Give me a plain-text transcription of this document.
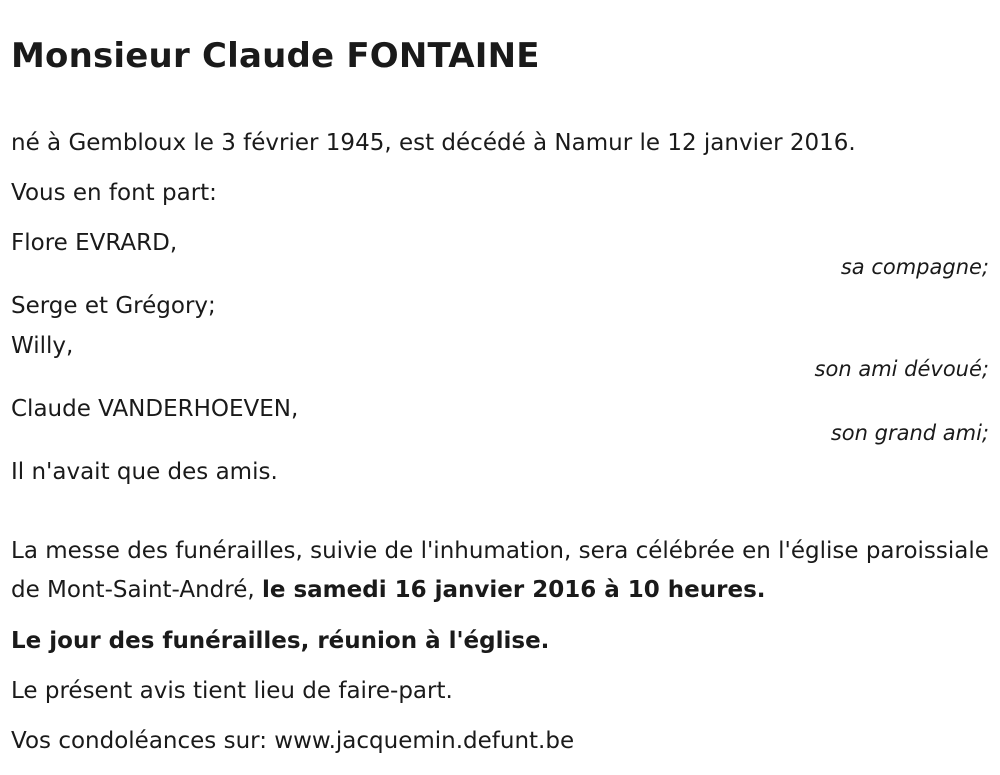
Monsieur Claude FONTAINE
né à Gembloux le 3 février 1945, est décédé à Namur le 12 janvier 2016.
Vous en font part:
Flore EVRARD,
sa compagne;
Serge et Grégory;
Willy,
son ami dévoué;
Claude VANDERHOEVEN,
son grand ami;
Il n'avait que des amis.
La messe des funérailles, suivie de l'inhumation, sera célébrée en l'église paroissiale de Mont-Saint-André, le samedi 16 janvier 2016 à 10 heures.
Le jour des funérailles, réunion à l'église.
Le présent avis tient lieu de faire-part.
Vos condoléances sur: www.jacquemin.defunt.be
